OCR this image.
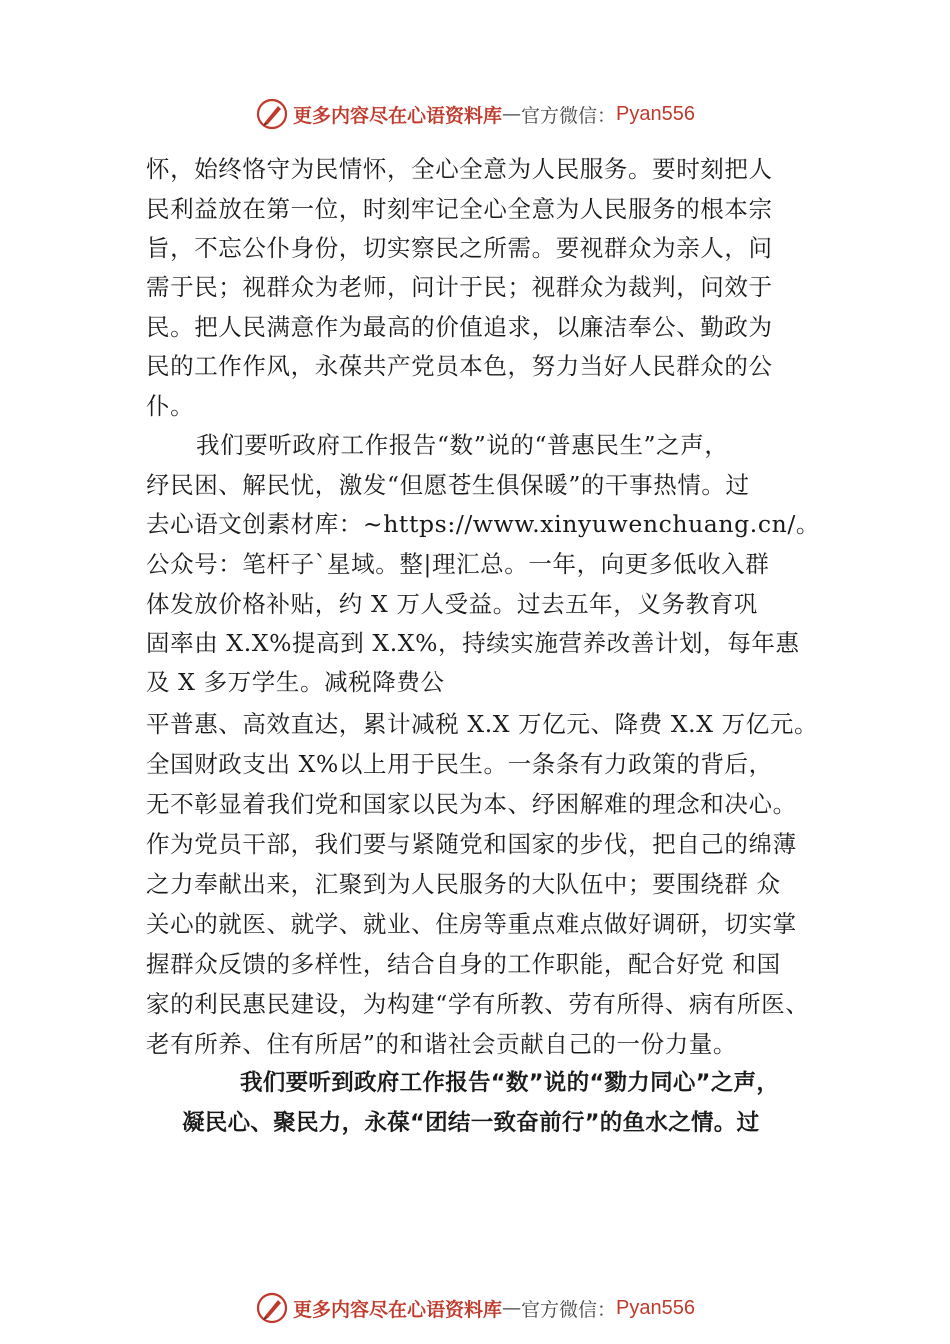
更多内容尽在心语资料库 — 官方微信： Pyan556
怀，始终恪守为民情怀，全心全意为人民服务。要时刻把人
民利益放在第一位，时刻牢记全心全意为人民服务的根本宗
旨，不忘公仆身份，切实察民之所需。要视群众为亲人，问
需于民；视群众为老师，问计于民；视群众为裁判，问效于
民。把人民满意作为最高的价值追求，以廉洁奉公、勤政为
民的工作作风，永葆共产党员本色，努力当好人民群众的公
仆。
我们要听政府工作报告“数”说的“普惠民生”之声，
纾民困、解民忧，激发“但愿苍生俱保暖”的干事热情。过
去心语文创素材库：~https://www.xinyuwenchuang.cn/。
公众号：笔杆子`星域。整|理汇总。一年，向更多低收入群
体发放价格补贴，约 X 万人受益。过去五年，义务教育巩
固率由 X.X%提高到 X.X%，持续实施营养改善计划，每年惠
及 X 多万学生。减税降费公
平普惠、高效直达，累计减税 X.X 万亿元、降费 X.X 万亿元。
全国财政支出 X%以上用于民生。一条条有力政策的背后，
无不彰显着我们党和国家以民为本、纾困解难的理念和决心。
作为党员干部，我们要与紧随党和国家的步伐，把自己的绵薄
之力奉献出来，汇聚到为人民服务的大队伍中；要围绕群 众
关心的就医、就学、就业、住房等重点难点做好调研，切实掌
握群众反馈的多样性，结合自身的工作职能，配合好党 和国
家的利民惠民建设，为构建“学有所教、劳有所得、病有所医、
老有所养、住有所居”的和谐社会贡献自己的一份力量。
我们要听到政府工作报告“数”说的“勠力同心”之声，
凝民心、聚民力，永葆“团结一致奋前行”的鱼水之情。过
更多内容尽在心语资料库 — 官方微信： Pyan556
